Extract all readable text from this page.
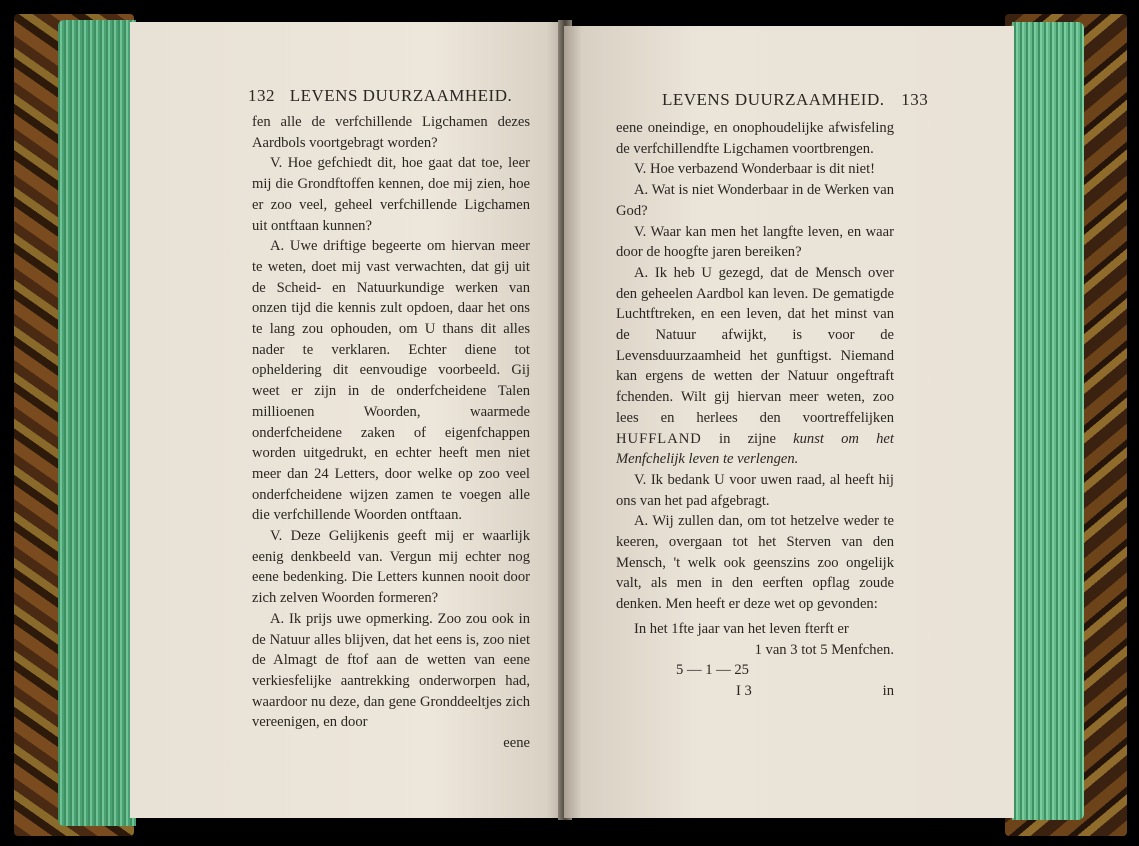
132 LEVENS DUURZAAMHEID.

fen alle de verfchillende Ligchamen dezes Aardbols voortgebragt worden?

V. Hoe gefchiedt dit, hoe gaat dat toe, leer mij die Grondftoffen kennen, doe mij zien, hoe er zoo veel, geheel verfchillende Ligchamen uit ontftaan kunnen?

A. Uwe driftige begeerte om hiervan meer te weten, doet mij vast verwachten, dat gij uit de Scheid- en Natuurkundige werken van onzen tijd die kennis zult opdoen, daar het ons te lang zou ophouden, om U thans dit alles nader te verklaren. Echter diene tot opheldering dit eenvoudige voorbeeld. Gij weet er zijn in de onderfcheidene Talen millioenen Woorden, waarmede onderfcheidene zaken of eigenfchappen worden uitgedrukt, en echter heeft men niet meer dan 24 Letters, door welke op zoo veel onderfcheidene wijzen zamen te voegen alle die verfchillende Woorden ontftaan.

V. Deze Gelijkenis geeft mij er waarlijk eenig denkbeeld van. Vergun mij echter nog eene bedenking. Die Letters kunnen nooit door zich zelven Woorden formeren?

A. Ik prijs uwe opmerking. Zoo zou ook in de Natuur alles blijven, dat het eens is, zoo niet de Almagt de ftof aan de wetten van eene verkiesfelijke aantrekking onderworpen had, waardoor nu deze, dan gene Grondd​eeltjes zich vereenigen, en door

eene

LEVENS DUURZAAMHEID. 133

eene oneindige, en onophoudelijke afwisfeling de verfchillendfte Ligchamen voortbrengen.

V. Hoe verbazend Wonderbaar is dit niet!

A. Wat is niet Wonderbaar in de Werken van God?

V. Waar kan men het langfte leven, en waar door de hoogfte jaren bereiken?

A. Ik heb U gezegd, dat de Mensch over den geheelen Aardbol kan leven. De gematigde Luchtftreken, en een leven, dat het minst van de Natuur afwijkt, is voor de Levensduurzaamheid het gunftigst. Niemand kan ergens de wetten der Natuur ongeftraft fchenden. Wilt gij hiervan meer weten, zoo lees en herlees den voortreffelijken HUFFLAND in zijne kunst om het Menfchelijk leven te verlengen.

V. Ik bedank U voor uwen raad, al heeft hij ons van het pad afgebragt.

A. Wij zullen dan, om tot hetzelve weder te keeren, overgaan tot het Sterven van den Mensch, 't welk ook geenszins zoo ongelijk valt, als men in den eerften opflag zoude denken. Men heeft er deze wet op gevonden:

In het 1fte jaar van het leven fterft er

1 van 3 tot 5 Menfchen.

5 — 1 — 25

I 3	in
